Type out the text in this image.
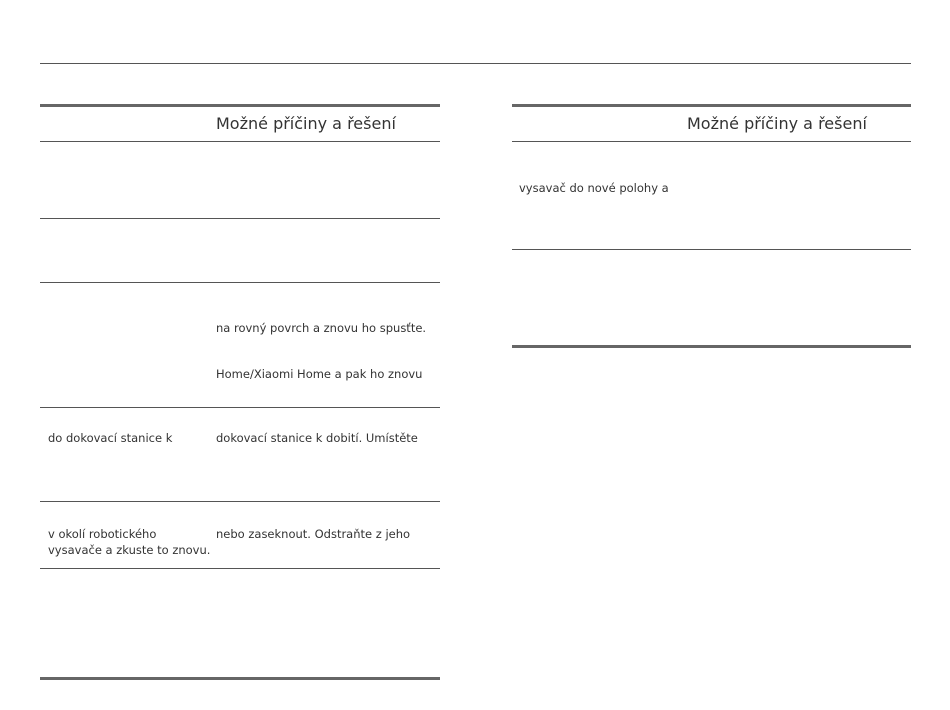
Možné příčiny a řešení

na rovný povrch a znovu ho spusťte.

Home/Xiaomi Home a pak ho znovu

do dokovací stanice k	dokovací stanice k dobití. Umístěte

v okolí robotického
vysavače a zkuste to znovu.

nebo zaseknout. Odstraňte z jeho

Možné příčiny a řešení

vysavač do nové polohy a
